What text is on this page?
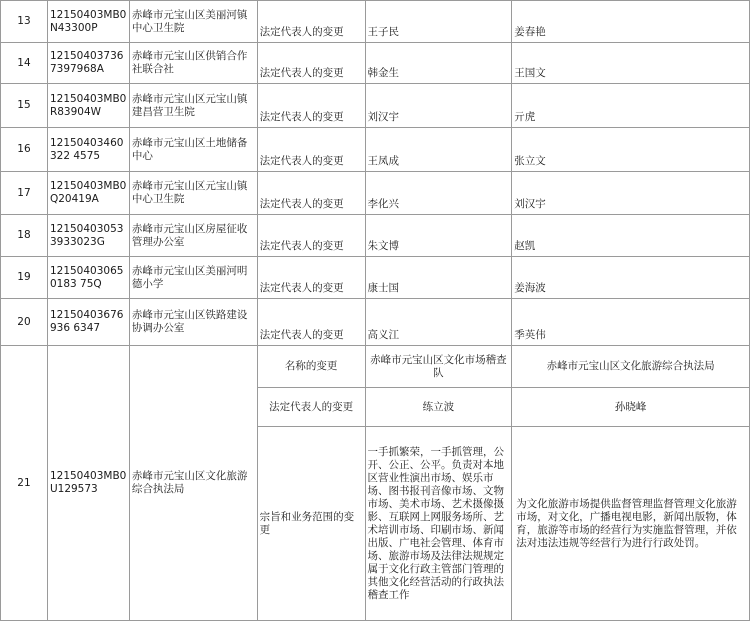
13	12150403MB0N43300P	赤峰市元宝山区美丽河镇中心卫生院	法定代表人的变更	王子民	姜春艳
14	121504037367397968A	赤峰市元宝山区供销合作社联合社	法定代表人的变更	韩金生	王国文
15	12150403MB0R83904W	赤峰市元宝山区元宝山镇建昌营卫生院	法定代表人的变更	刘汉宇	亓虎
16	12150403460322 4575	赤峰市元宝山区土地储备中心	法定代表人的变更	王凤成	张立文
17	12150403MB0Q20419A	赤峰市元宝山区元宝山镇中心卫生院	法定代表人的变更	李化兴	刘汉宇
18	121504030533933023G	赤峰市元宝山区房屋征收管理办公室	法定代表人的变更	朱文博	赵凯
19	121504030650183 75Q	赤峰市元宝山区美丽河明德小学	法定代表人的变更	康士国	姜海波
20	12150403676936 6347	赤峰市元宝山区铁路建设协调办公室	法定代表人的变更	高义江	季英伟
21	12150403MB0U129573	赤峰市元宝山区文化旅游综合执法局	名称的变更	赤峰市元宝山区文化市场稽查队	赤峰市元宝山区文化旅游综合执法局
			法定代表人的变更	练立波	孙晓峰
			宗旨和业务范围的变更	一手抓繁荣，一手抓管理，公开、公正、公平。负责对本地区营业性演出市场、娱乐市场、图书报刊音像市场、文物市场、美术市场、艺术摄像摄影、互联网上网服务场所、艺术培训市场、印刷市场、新闻出版、广电社会管理、体育市场、旅游市场及法律法规规定属于文化行政主管部门管理的其他文化经营活动的行政执法稽查工作	为文化旅游市场提供监督管理监督管理文化旅游市场，对文化，广播电视电影，新闻出版物，体育，旅游等市场的经营行为实施监督管理，并依法对违法违规等经营行为进行行政处罚。
